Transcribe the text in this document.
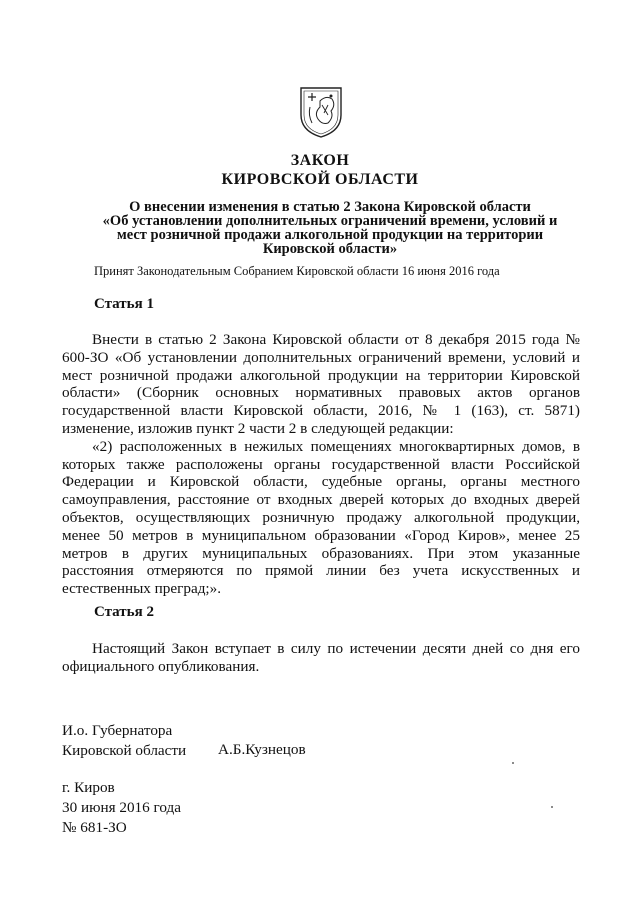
ЗАКОН
КИРОВСКОЙ ОБЛАСТИ
О внесении изменения в статью 2 Закона Кировской области
«Об установлении дополнительных ограничений времени, условий и
мест розничной продажи алкогольной продукции на территории
Кировской области»
Принят Законодательным Собранием Кировской области 16 июня 2016 года
Статья 1

Внести в статью 2 Закона Кировской области от 8 декабря 2015 года № 600-ЗО «Об установлении дополнительных ограничений времени, условий и мест розничной продажи алкогольной продукции на территории Кировской области» (Сборник основных нормативных правовых актов органов государственной власти Кировской области, 2016, № 1 (163), ст. 5871) изменение, изложив пункт 2 части 2 в следующей редакции:

«2) расположенных в нежилых помещениях многоквартирных домов, в которых также расположены органы государственной власти Российской Федерации и Кировской области, судебные органы, органы местного самоуправления, расстояние от входных дверей которых до входных дверей объектов, осуществляющих розничную продажу алкогольной продукции, менее 50 метров в муниципальном образовании «Город Киров», менее 25 метров в других муниципальных образованиях. При этом указанные расстояния отмеряются по прямой линии без учета искусственных и естественных преград;».

Статья 2

Настоящий Закон вступает в силу по истечении десяти дней со дня его официального опубликования.

И.о. Губернатора
Кировской области А.Б.Кузнецов
г. Киров
30 июня 2016 года
№ 681-ЗО
